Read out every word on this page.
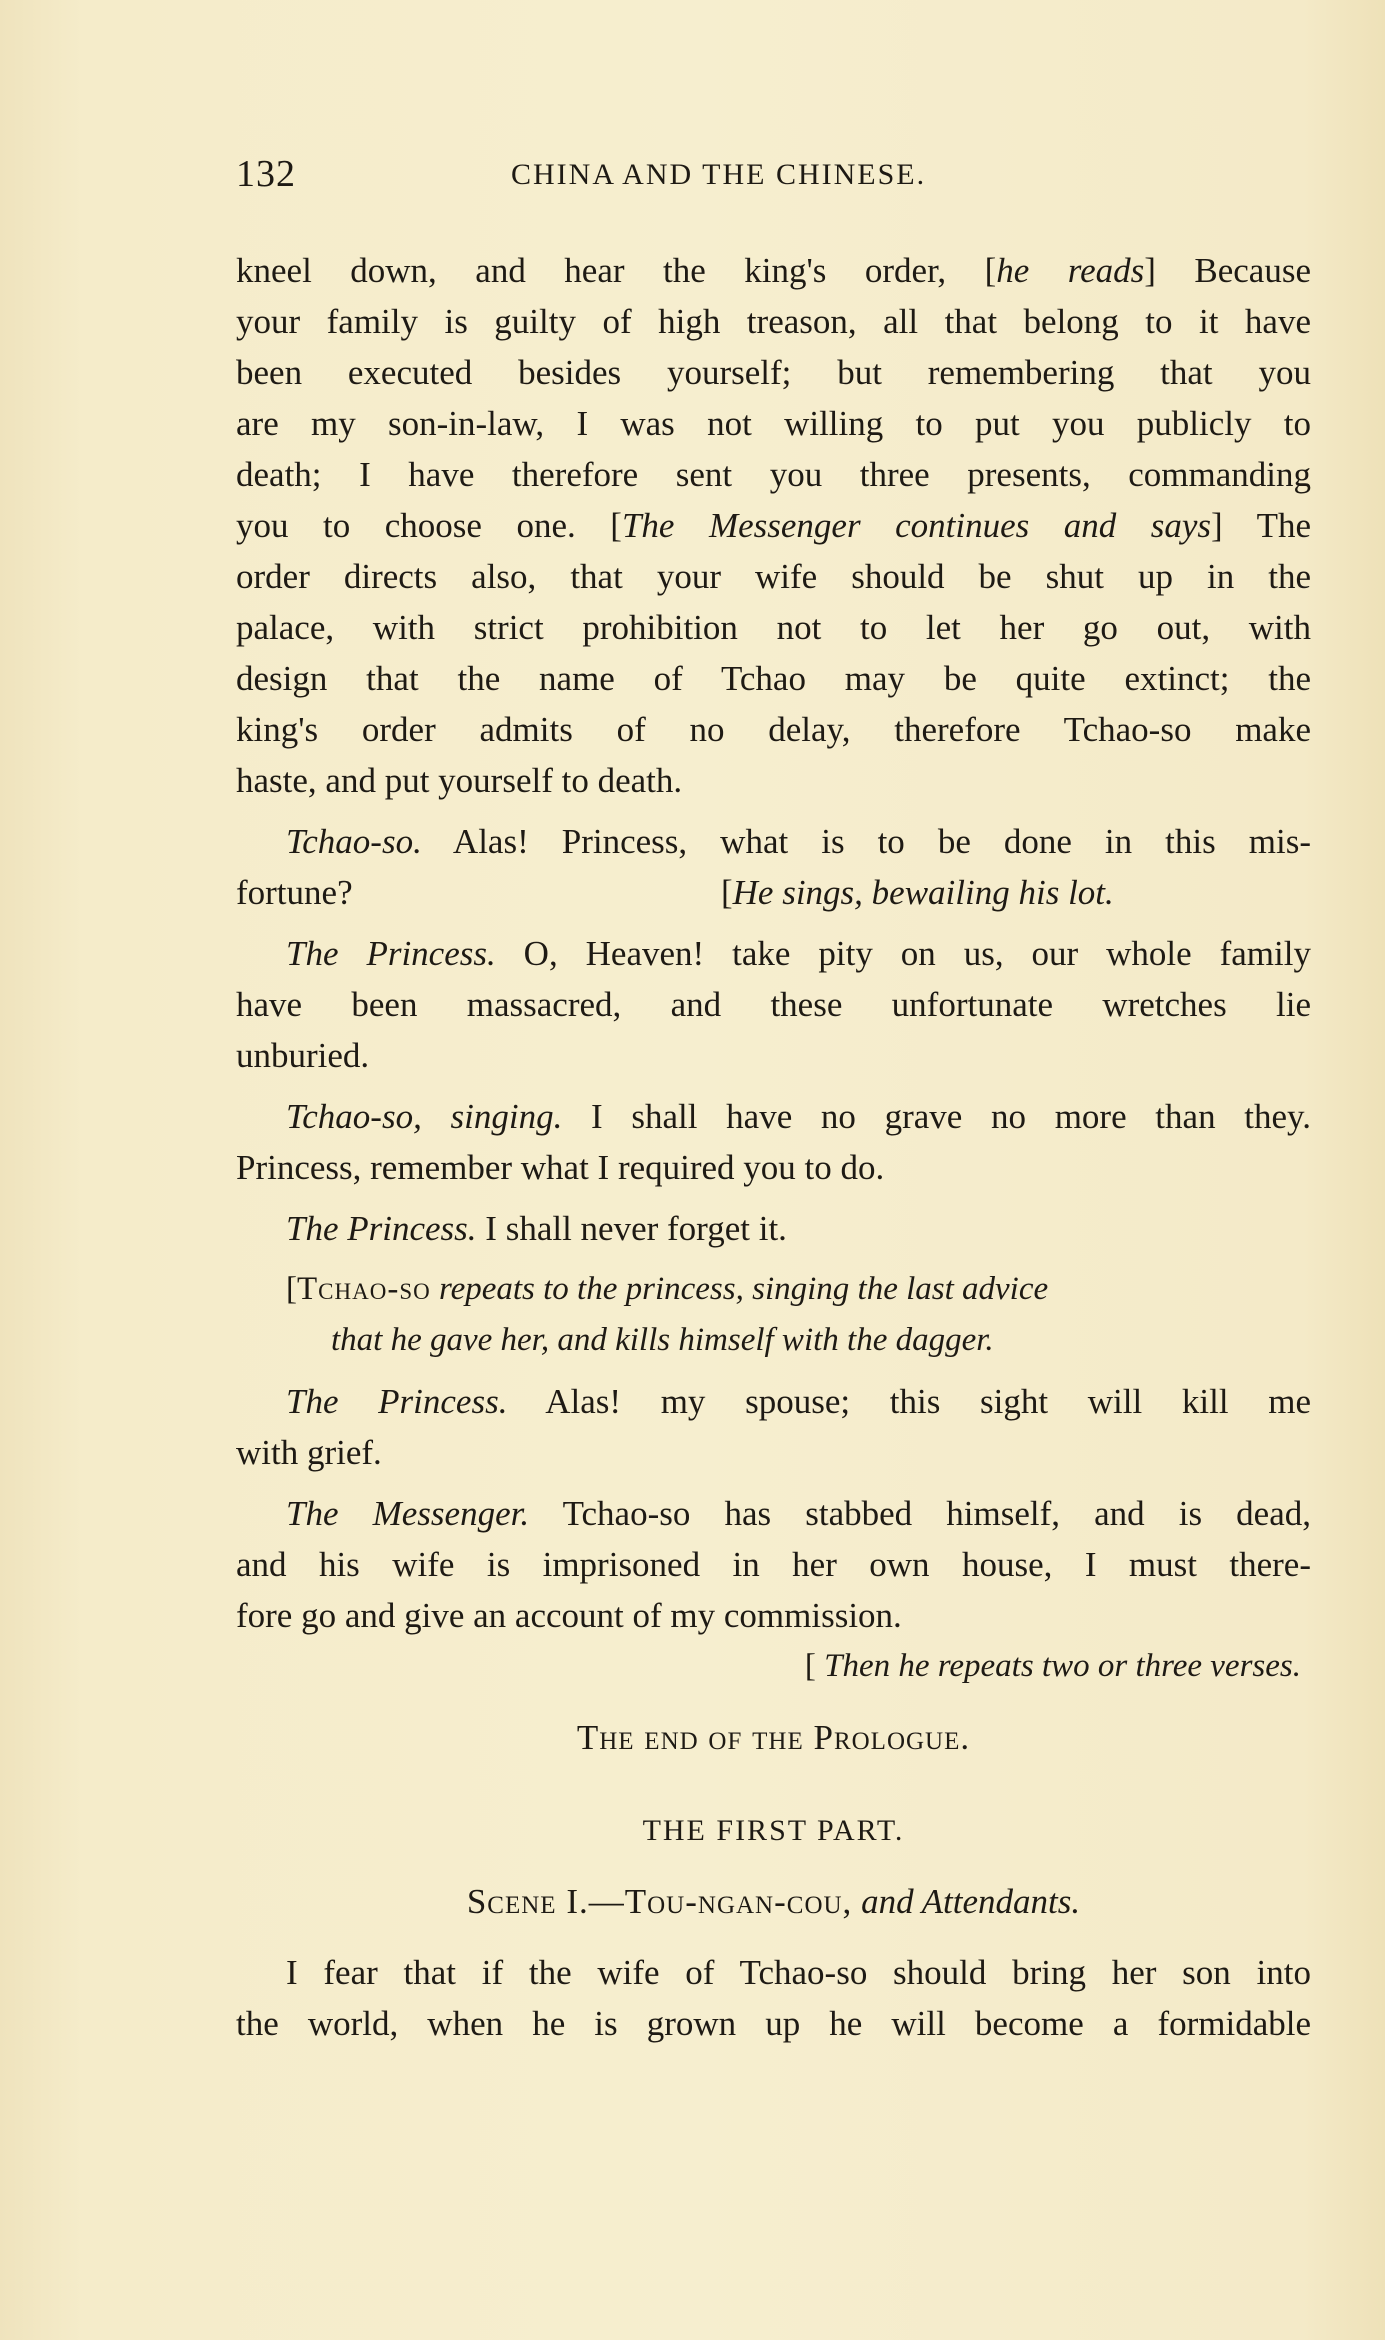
132	CHINA AND THE CHINESE.
kneel down, and hear the king's order, [he reads] Because
your family is guilty of high treason, all that belong to it have
been executed besides yourself; but remembering that you
are my son-in-law, I was not willing to put you publicly to
death; I have therefore sent you three presents, commanding
you to choose one. [The Messenger continues and says] The
order directs also, that your wife should be shut up in the
palace, with strict prohibition not to let her go out, with
design that the name of Tchao may be quite extinct; the
king's order admits of no delay, therefore Tchao-so make
haste, and put yourself to death.
Tchao-so. Alas! Princess, what is to be done in this mis-
fortune?	[He sings, bewailing his lot.
The Princess. O, Heaven! take pity on us, our whole family
have been massacred, and these unfortunate wretches lie
unburied.
Tchao-so, singing. I shall have no grave no more than they.
Princess, remember what I required you to do.
The Princess. I shall never forget it.
[Tchao-so repeats to the princess, singing the last advice
that he gave her, and kills himself with the dagger.
The Princess. Alas! my spouse; this sight will kill me
with grief.
The Messenger. Tchao-so has stabbed himself, and is dead,
and his wife is imprisoned in her own house, I must there-
fore go and give an account of my commission.
[ Then he repeats two or three verses.
The end of the Prologue.
THE FIRST PART.
Scene I.—Tou-ngan-cou, and Attendants.
I fear that if the wife of Tchao-so should bring her son into
the world, when he is grown up he will become a formidable
